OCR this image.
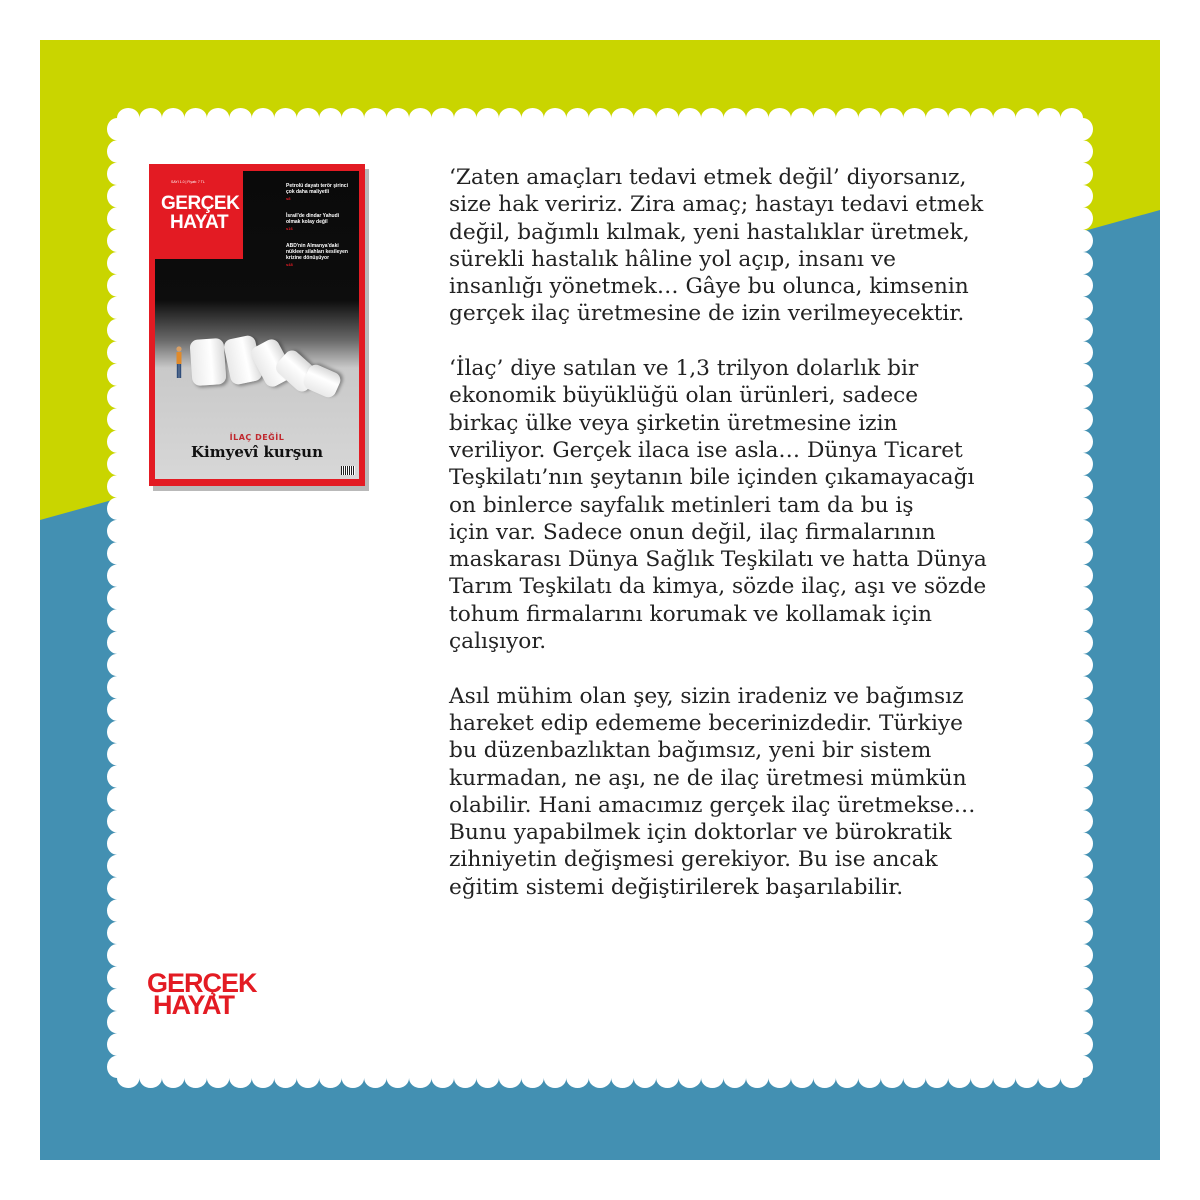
SAYI 1.0 | Fiyatı: 7 TL
GERÇEK
HAYAT
Petrolü dayatı terör şirinci çok daha maliyetli
s8
İsrail'de dindar Yahudi olmak kolay değil
s16
ABD'nin Almanya'daki nükleer silahları kesileyen krizine dönüşüyor
s48
İLAÇ DEĞİL
Kimyevî kurşun
GERÇEK
HAYAT

‘Zaten amaçları tedavi etmek değil’ diyorsanız,
size hak veririz. Zira amaç; hastayı tedavi etmek
değil, bağımlı kılmak, yeni hastalıklar üretmek,
sürekli hastalık hâline yol açıp, insanı ve
insanlığı yönetmek… Gâye bu olunca, kimsenin
gerçek ilaç üretmesine de izin verilmeyecektir.

‘İlaç’ diye satılan ve 1,3 trilyon dolarlık bir
ekonomik büyüklüğü olan ürünleri, sadece
birkaç ülke veya şirketin üretmesine izin
veriliyor. Gerçek ilaca ise asla… Dünya Ticaret
Teşkilatı’nın şeytanın bile içinden çıkamayacağı
on binlerce sayfalık metinleri tam da bu iş
için var. Sadece onun değil, ilaç firmalarının
maskarası Dünya Sağlık Teşkilatı ve hatta Dünya
Tarım Teşkilatı da kimya, sözde ilaç, aşı ve sözde
tohum firmalarını korumak ve kollamak için
çalışıyor.

Asıl mühim olan şey, sizin iradeniz ve bağımsız
hareket edip edememe becerinizdedir. Türkiye
bu düzenbazlıktan bağımsız, yeni bir sistem
kurmadan, ne aşı, ne de ilaç üretmesi mümkün
olabilir. Hani amacımız gerçek ilaç üretmekse…
Bunu yapabilmek için doktorlar ve bürokratik
zihniyetin değişmesi gerekiyor. Bu ise ancak
eğitim sistemi değiştirilerek başarılabilir.
